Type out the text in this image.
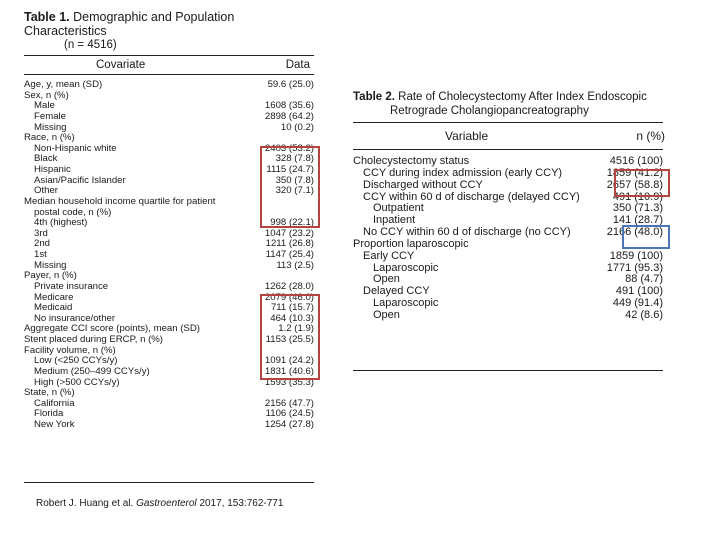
Table 1. Demographic and Population Characteristics
(n = 4516)
Covariate	Data
Age, y, mean (SD)	59.6 (25.0)
Sex, n (%)
Male	1608 (35.6)
Female	2898 (64.2)
Missing	10 (0.2)
Race, n (%)
Non-Hispanic white	2403 (53.2)
Black	328 (7.8)
Hispanic	1115 (24.7)
Asian/Pacific Islander	350 (7.8)
Other	320 (7.1)
Median household income quartile for patient
postal code, n (%)
4th (highest)	998 (22.1)
3rd	1047 (23.2)
2nd	1211 (26.8)
1st	1147 (25.4)
Missing	113 (2.5)
Payer, n (%)
Private insurance	1262 (28.0)
Medicare	2079 (46.0)
Medicaid	711 (15.7)
No insurance/other	464 (10.3)
Aggregate CCI score (points), mean (SD)	1.2 (1.9)
Stent placed during ERCP, n (%)	1153 (25.5)
Facility volume, n (%)
Low (<250 CCYs/y)	1091 (24.2)
Medium (250–499 CCYs/y)	1831 (40.6)
High (>500 CCYs/y)	1593 (35.3)
State, n (%)
California	2156 (47.7)
Florida	1106 (24.5)
New York	1254 (27.8)
Robert J. Huang et al. Gastroenterol 2017, 153:762-771
Table 2. Rate of Cholecystectomy After Index Endoscopic
Retrograde Cholangiopancreatography
Variable	n (%)
Cholecystectomy status	4516 (100)
CCY during index admission (early CCY)	1859 (41.2)
Discharged without CCY	2657 (58.8)
CCY within 60 d of discharge (delayed CCY)	491 (10.9)
Outpatient	350 (71.3)
Inpatient	141 (28.7)
No CCY within 60 d of discharge (no CCY)	2166 (48.0)
Proportion laparoscopic
Early CCY	1859 (100)
Laparoscopic	1771 (95.3)
Open	88 (4.7)
Delayed CCY	491 (100)
Laparoscopic	449 (91.4)
Open	42 (8.6)
